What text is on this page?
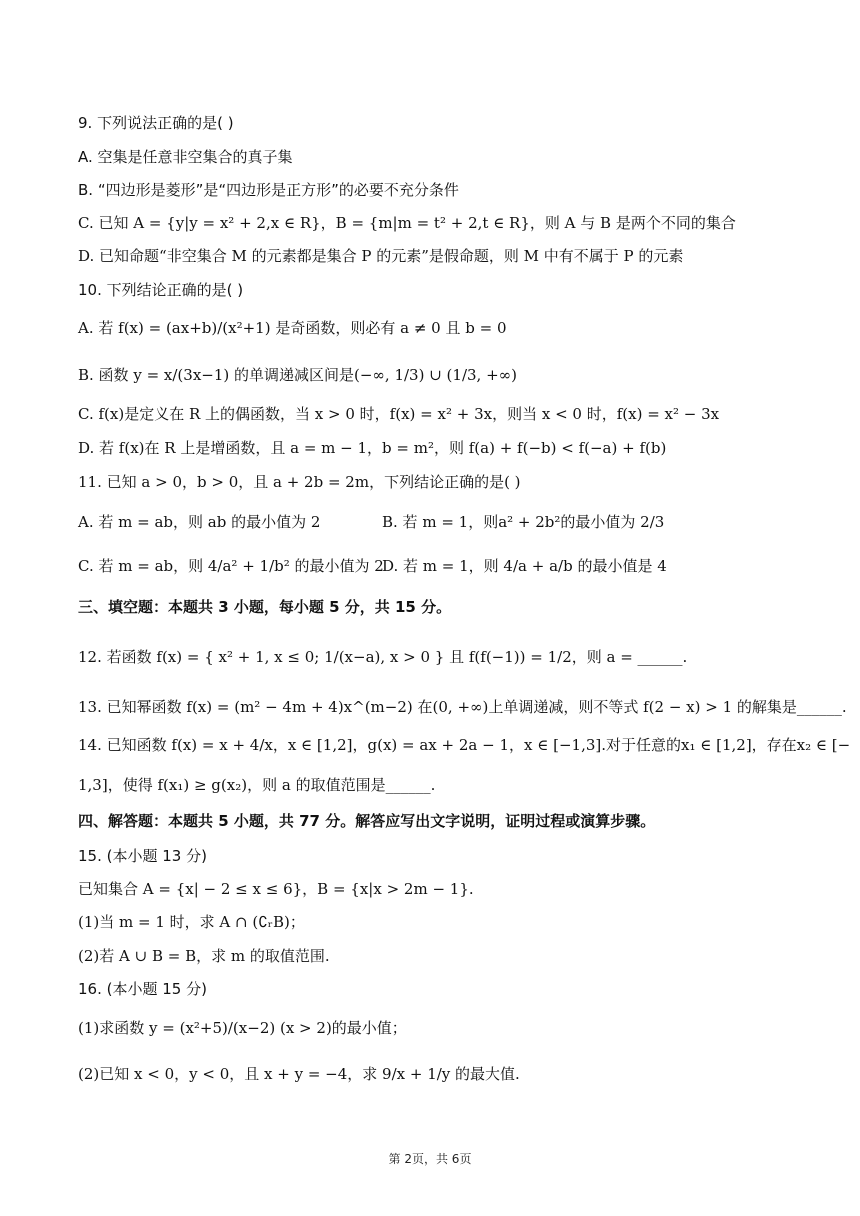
9. 下列说法正确的是( )
A. 空集是任意非空集合的真子集
B. “四边形是菱形”是“四边形是正方形”的必要不充分条件
C. 已知 A = {y|y = x² + 2,x ∈ R}，B = {m|m = t² + 2,t ∈ R}，则 A 与 B 是两个不同的集合
D. 已知命题“非空集合 M 的元素都是集合 P 的元素”是假命题，则 M 中有不属于 P 的元素
10. 下列结论正确的是( )
A. 若 f(x) = (ax+b)/(x²+1) 是奇函数，则必有 a ≠ 0 且 b = 0
B. 函数 y = x/(3x−1) 的单调递减区间是(−∞, 1/3) ∪ (1/3, +∞)
C. f(x)是定义在 R 上的偶函数，当 x > 0 时，f(x) = x² + 3x，则当 x < 0 时，f(x) = x² − 3x
D. 若 f(x)在 R 上是增函数，且 a = m − 1，b = m²，则 f(a) + f(−b) < f(−a) + f(b)
11. 已知 a > 0，b > 0，且 a + 2b = 2m，下列结论正确的是( )
A. 若 m = ab，则 ab 的最小值为 2	B. 若 m = 1，则a² + 2b²的最小值为 2/3
C. 若 m = ab，则 4/a² + 1/b² 的最小值为 2
D. 若 m = 1，则 4/a + a/b 的最小值是 4
三、填空题：本题共 3 小题，每小题 5 分，共 15 分。
12. 若函数 f(x) = { x² + 1, x ≤ 0; 1/(x−a), x > 0 } 且 f(f(−1)) = 1/2，则 a = ______.
13. 已知幂函数 f(x) = (m² − 4m + 4)x^(m−2) 在(0, +∞)上单调递减，则不等式 f(2 − x) > 1 的解集是______.
14. 已知函数 f(x) = x + 4/x，x ∈ [1,2]，g(x) = ax + 2a − 1，x ∈ [−1,3].对于任意的x₁ ∈ [1,2]，存在x₂ ∈ [−
1,3]，使得 f(x₁) ≥ g(x₂)，则 a 的取值范围是______.
四、解答题：本题共 5 小题，共 77 分。解答应写出文字说明，证明过程或演算步骤。
15. (本小题 13 分)
已知集合 A = {x| − 2 ≤ x ≤ 6}，B = {x|x > 2m − 1}.
(1)当 m = 1 时，求 A ∩ (∁ᵣB)；
(2)若 A ∪ B = B，求 m 的取值范围.
16. (本小题 15 分)
(1)求函数 y = (x²+5)/(x−2) (x > 2)的最小值；
(2)已知 x < 0，y < 0，且 x + y = −4，求 9/x + 1/y 的最大值.
第 2页，共 6页
